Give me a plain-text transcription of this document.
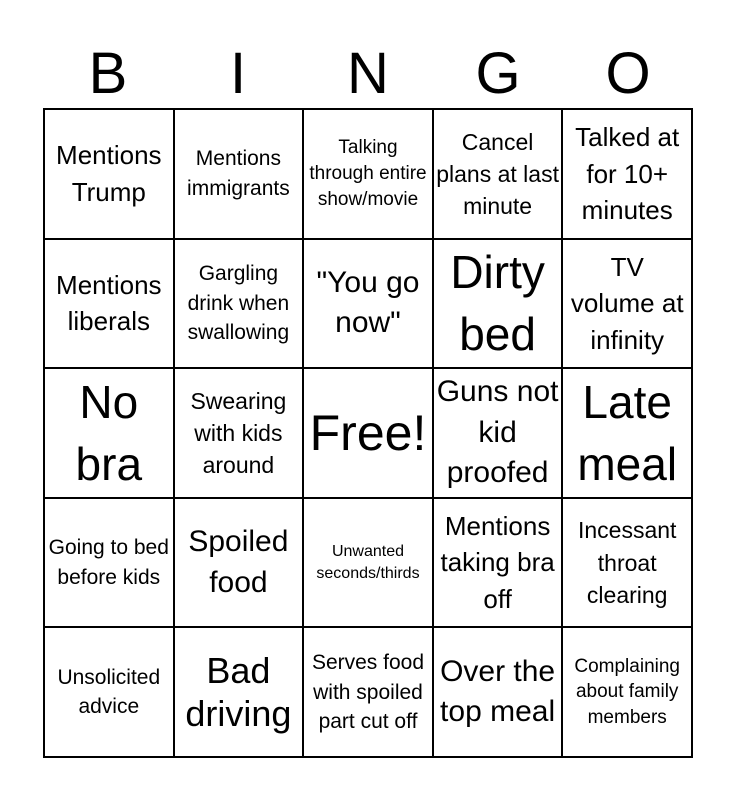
B	I	N	G	O
Mentions Trump
Mentions immigrants
Talking through entire show/movie
Cancel plans at last minute
Talked at for 10+ minutes
Mentions liberals
Gargling drink when swallowing
"You go now"
Dirty bed
TV volume at infinity
No bra
Swearing with kids around
Free!
Guns not kid proofed
Late meal
Going to bed before kids
Spoiled food
Unwanted seconds/thirds
Mentions taking bra off
Incessant throat clearing
Unsolicited advice
Bad driving
Serves food with spoiled part cut off
Over the top meal
Complaining about family members
